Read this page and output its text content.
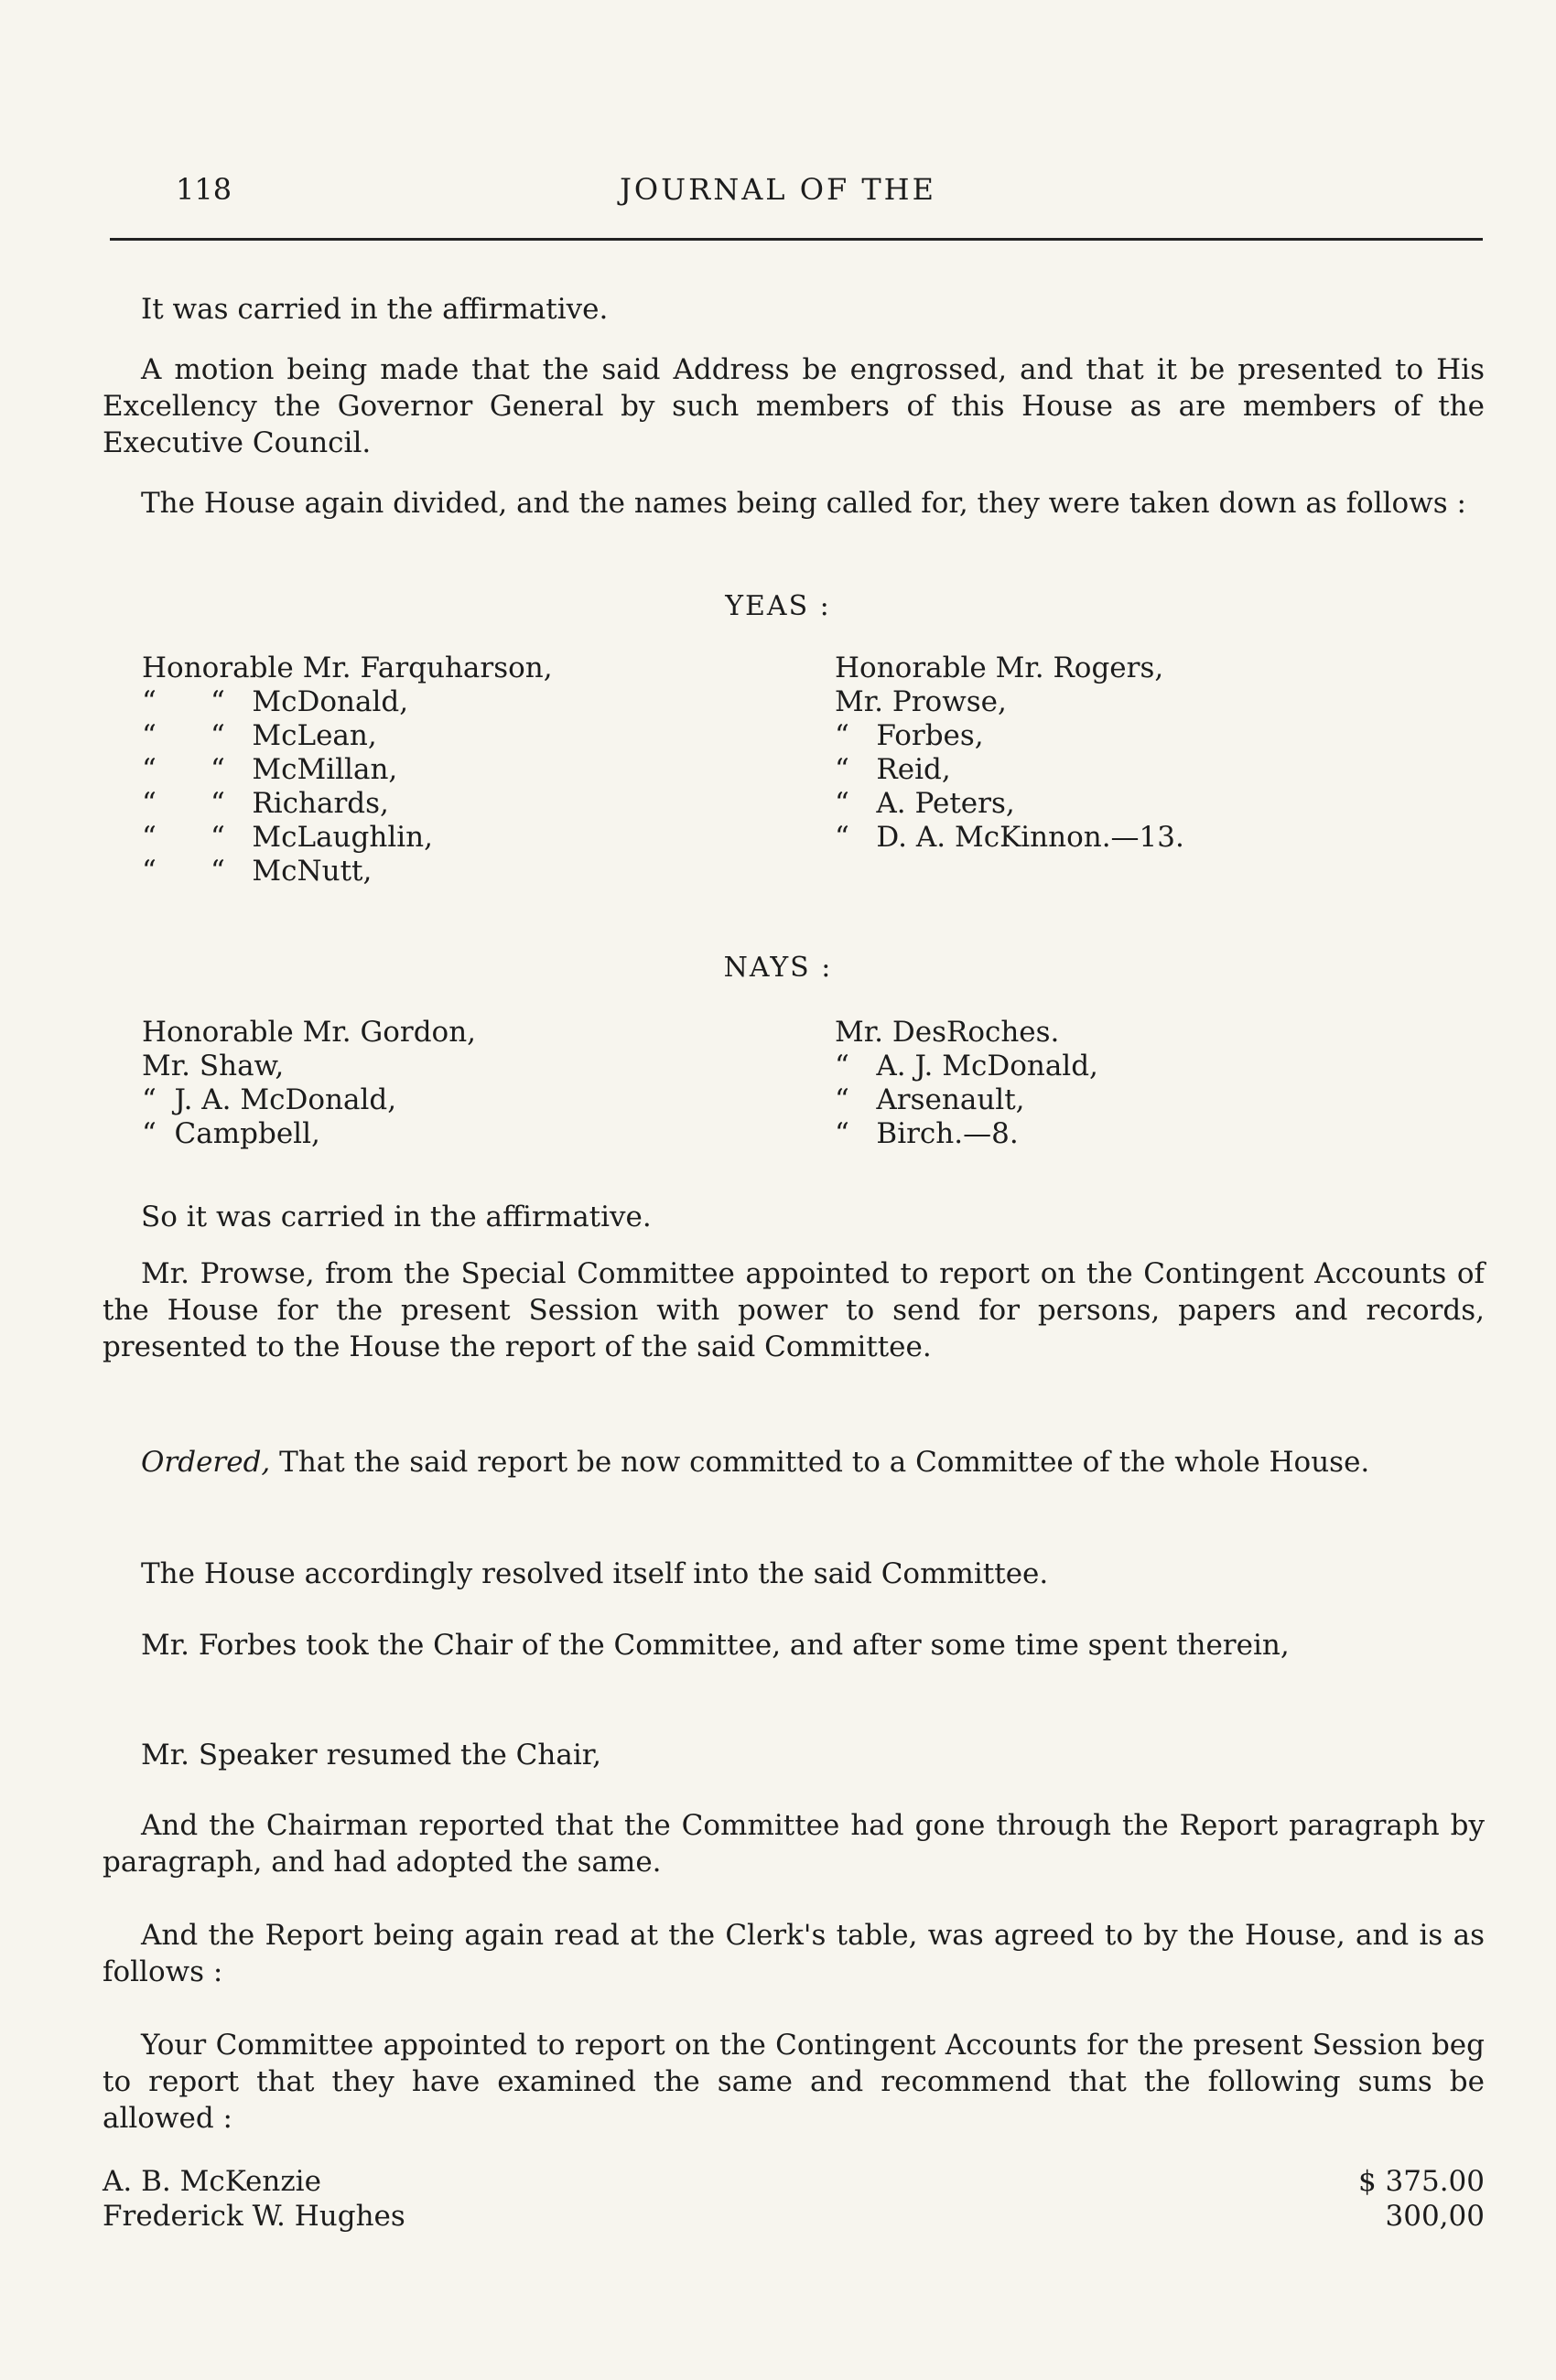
118	JOURNAL OF THE

It was carried in the affirmative.

A motion being made that the said Address be engrossed, and that it be presented to His Excellency the Governor General by such members of this House as are members of the Executive Council.

The House again divided, and the names being called for, they were taken down as follows :

YEAS :
Honorable Mr. Farquharson,
“      “   McDonald,
“      “   McLean,
“      “   McMillan,
“      “   Richards,
“      “   McLaughlin,
“      “   McNutt,
Honorable Mr. Rogers,
Mr. Prowse,
“   Forbes,
“   Reid,
“   A. Peters,
“   D. A. McKinnon.—13.
NAYS :
Honorable Mr. Gordon,
Mr. Shaw,
“  J. A. McDonald,
“  Campbell,
Mr. DesRoches.
“   A. J. McDonald,
“   Arsenault,
“   Birch.—8.

So it was carried in the affirmative.

Mr. Prowse, from the Special Committee appointed to report on the Contingent Accounts of the House for the present Session with power to send for persons, papers and records, presented to the House the report of the said Committee.

Ordered, That the said report be now committed to a Committee of the whole House.

The House accordingly resolved itself into the said Committee.

Mr. Forbes took the Chair of the Committee, and after some time spent therein,

Mr. Speaker resumed the Chair,

And the Chairman reported that the Committee had gone through the Report paragraph by paragraph, and had adopted the same.

And the Report being again read at the Clerk's table, was agreed to by the House, and is as follows :

Your Committee appointed to report on the Contingent Accounts for the present Session beg to report that they have examined the same and recommend that the following sums be allowed :

A. B. McKenzie	$ 375.00
Frederick W. Hughes	300,00
